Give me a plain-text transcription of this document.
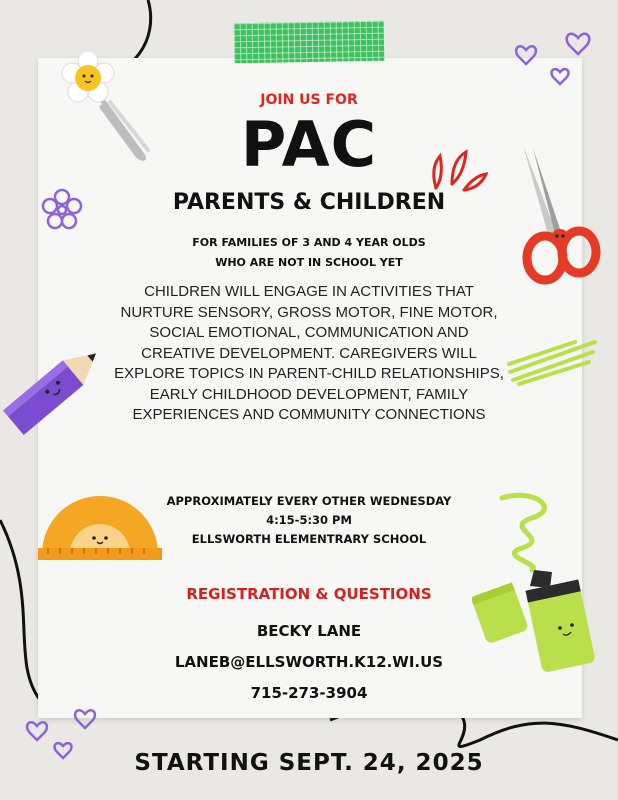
JOIN US FOR

PAC
PARENTS & CHILDREN
FOR FAMILIES OF 3 AND 4 YEAR OLDS
WHO ARE NOT IN SCHOOL YET

CHILDREN WILL ENGAGE IN ACTIVITIES THAT NURTURE SENSORY, GROSS MOTOR, FINE MOTOR, SOCIAL EMOTIONAL, COMMUNICATION AND CREATIVE DEVELOPMENT. CAREGIVERS WILL EXPLORE TOPICS IN PARENT-CHILD RELATIONSHIPS, EARLY CHILDHOOD DEVELOPMENT, FAMILY EXPERIENCES AND COMMUNITY CONNECTIONS

APPROXIMATELY EVERY OTHER WEDNESDAY
4:15-5:30 PM
ELLSWORTH ELEMENTRARY SCHOOL
REGISTRATION & QUESTIONS
BECKY LANE
LANEB@ELLSWORTH.K12.WI.US
715-273-3904

STARTING SEPT. 24, 2025
